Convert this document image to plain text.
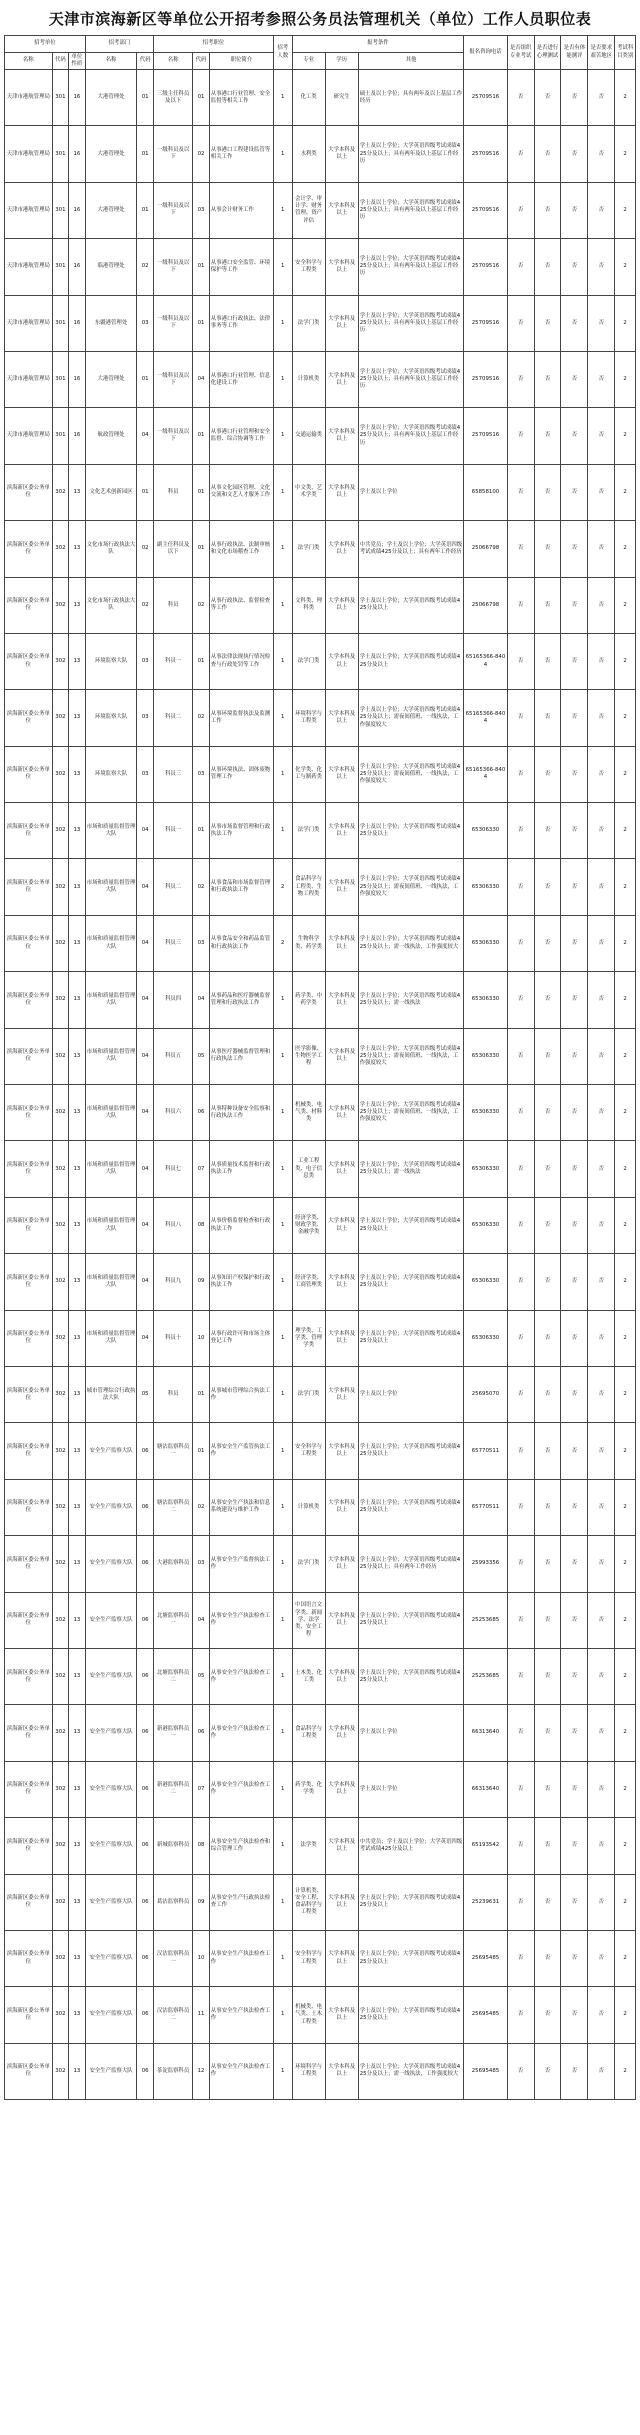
天津市滨海新区等单位公开招考参照公务员法管理机关（单位）工作人员职位表
招考单位			招考部门		招考职位			招考人数	报考条件			报名咨询电话	是否组织专业考试	是否进行心理测试	是否有体能测评	是否要求艰苦地区	考试科目类别
名称	代码	单位性质	名称	代码	名称	代码	职位简介		专业	学历	其他						
天津市港航管理局	301	16	大港管理处	01	三级主任科员及以下	01	从事港口行业管理、安全监督等相关工作	1	化工类	研究生	硕士及以上学位；具有两年及以上基层工作经历	25709516	否	否	否	否	2
天津市港航管理局	301	16	大港管理处	01	一级科员及以下	02	从事港口工程建设监管等相关工作	1	水利类	大学本科及以上	学士及以上学位；大学英语四级考试成绩425分及以上；具有两年及以上基层工作经历	25709516	否	否	否	否	2
天津市港航管理局	301	16	大港管理处	01	一级科员及以下	03	从事会计财务工作	1	会计学、审计学、财务管理、资产评估	大学本科及以上	学士及以上学位；大学英语四级考试成绩425分及以上；具有两年及以上基层工作经历	25709516	否	否	否	否	2
天津市港航管理局	301	16	临港管理处	02	一级科员及以下	01	从事港口安全监管、环境保护等工作	1	安全科学与工程类	大学本科及以上	学士及以上学位；大学英语四级考试成绩425分及以上；具有两年及以上基层工作经历	25709516	否	否	否	否	2
天津市港航管理局	301	16	东疆港管理处	03	一级科员及以下	01	从事港口行政执法、法律事务等工作	1	法学门类	大学本科及以上	学士及以上学位；大学英语四级考试成绩425分及以上；具有两年及以上基层工作经历	25709516	否	否	否	否	2
天津市港航管理局	301	16	大港管理处	01	一级科员及以下	04	从事港口行业管理、信息化建设工作	1	计算机类	大学本科及以上	学士及以上学位；大学英语四级考试成绩425分及以上；具有两年及以上基层工作经历	25709516	否	否	否	否	2
天津市港航管理局	301	16	航政管理处	04	一级科员及以下	01	从事港口行业管理和安全监督、综合协调等工作	1	交通运输类	大学本科及以上	学士及以上学位；大学英语四级考试成绩425分及以上；具有两年及以上基层工作经历	25709516	否	否	否	否	2
滨海新区委公务单位	302	13	文化艺术创新园区	01	科员	01	从事文化园区管理、文化交流和文艺人才服务工作	1	中文类、艺术学类	大学本科及以上	学士及以上学位	65858100	否	否	否	否	2
滨海新区委公务单位	302	13	文化市场行政执法大队	02	副主任科员及以下	01	从事行政执法、法制审核和文化市场稽查工作	1	法学门类	大学本科及以上	中共党员；学士及以上学位；大学英语四级考试成绩425分及以上；具有两年工作经历	25066798	否	否	否	否	2
滨海新区委公务单位	302	13	文化市场行政执法大队	02	科员	02	从事行政执法、监督检查等工作	1	文科类、理科类	大学本科及以上	学士及以上学位；大学英语四级考试成绩425分及以上	25066798	否	否	否	否	2
滨海新区委公务单位	302	13	环境监察大队	03	科员一	01	从事法律法规执行情况检查与行政处罚等工作	1	法学门类	大学本科及以上	学士及以上学位；大学英语四级考试成绩425分及以上	65165366-8404	否	否	否	否	2
滨海新区委公务单位	302	13	环境监察大队	03	科员二	02	从事环境监督执法及监测工作	1	环境科学与工程类	大学本科及以上	学士及以上学位；大学英语四级考试成绩425分及以上；需夜间值班、一线执法，工作强度较大	65165366-8404	否	否	否	否	2
滨海新区委公务单位	302	13	环境监察大队	03	科员三	03	从事环境执法、固体废物管理工作	1	化学类、化工与制药类	大学本科及以上	学士及以上学位；大学英语四级考试成绩425分及以上；需夜间值班、一线执法，工作强度较大	65165366-8404	否	否	否	否	2
滨海新区委公务单位	302	13	市场和质量监督管理大队	04	科员一	01	从事市场监督管理和行政执法工作	1	法学门类	大学本科及以上	学士及以上学位；大学英语四级考试成绩425分及以上	65306330	否	否	否	否	2
滨海新区委公务单位	302	13	市场和质量监督管理大队	04	科员二	02	从事食品和市场监督管理和行政执法工作	2	食品科学与工程类、生物工程类	大学本科及以上	学士及以上学位；大学英语四级考试成绩425分及以上；需夜间值班、一线执法，工作强度较大	65306330	否	否	否	否	2
滨海新区委公务单位	302	13	市场和质量监督管理大队	04	科员三	03	从事食品安全和药品监管和行政执法工作	2	生物科学类、药学类	大学本科及以上	学士及以上学位；大学英语四级考试成绩425分及以上；需一线执法，工作强度较大	65306330	否	否	否	否	2
滨海新区委公务单位	302	13	市场和质量监督管理大队	04	科员四	04	从事药品和医疗器械监督管理和行政执法工作	1	药学类、中药学类	大学本科及以上	学士及以上学位；大学英语四级考试成绩425分及以上；需一线执法	65306330	否	否	否	否	2
滨海新区委公务单位	302	13	市场和质量监督管理大队	04	科员五	05	从事医疗器械监督管理和行政执法工作	1	医学影像、生物医学工程	大学本科及以上	学士及以上学位；大学英语四级考试成绩425分及以上；需夜间值班、一线执法，工作强度较大	65306330	否	否	否	否	2
滨海新区委公务单位	302	13	市场和质量监督管理大队	04	科员六	06	从事特种设备安全监察和行政执法工作	1	机械类、电气类、材料类	大学本科及以上	学士及以上学位；大学英语四级考试成绩425分及以上；需夜间值班、一线执法，工作强度较大	65306330	否	否	否	否	2
滨海新区委公务单位	302	13	市场和质量监督管理大队	04	科员七	07	从事质量技术监督和行政执法工作	1	工业工程类、电子信息类	大学本科及以上	学士及以上学位；大学英语四级考试成绩425分及以上；需一线执法	65306330	否	否	否	否	2
滨海新区委公务单位	302	13	市场和质量监督管理大队	04	科员八	08	从事价格监督检查和行政执法工作	1	经济学类、财政学类、金融学类	大学本科及以上	学士及以上学位；大学英语四级考试成绩425分及以上	65306330	否	否	否	否	2
滨海新区委公务单位	302	13	市场和质量监督管理大队	04	科员九	09	从事知识产权保护和行政执法工作	1	经济学类、工商管理类	大学本科及以上	学士及以上学位；大学英语四级考试成绩425分及以上	65306330	否	否	否	否	2
滨海新区委公务单位	302	13	市场和质量监督管理大队	04	科员十	10	从事行政许可和市场主体登记工作	1	理学类、工学类、管理学类	大学本科及以上	学士及以上学位；大学英语四级考试成绩425分及以上	65306330	否	否	否	否	2
滨海新区委公务单位	302	13	城市管理综合行政执法大队	05	科员	01	从事城市管理综合执法工作	1	法学门类	大学本科及以上	学士及以上学位	25695070	否	否	否	否	2
滨海新区委公务单位	302	13	安全生产监察大队	06	塘沽监察科员一	01	从事安全生产监管执法工作	1	安全科学与工程类	大学本科及以上	学士及以上学位；大学英语四级考试成绩425分及以上	65770511	否	否	否	否	2
滨海新区委公务单位	302	13	安全生产监察大队	06	塘沽监察科员二	02	从事安全生产执法和信息系统建设与维护工作	1	计算机类	大学本科及以上	学士及以上学位；大学英语四级考试成绩425分及以上	65770511	否	否	否	否	2
滨海新区委公务单位	302	13	安全生产监察大队	06	大港监察科员	03	从事安全生产监督执法工作	1	法学门类	大学本科及以上	学士及以上学位；大学英语四级考试成绩425分及以上；具有两年工作经历	25993356	否	否	否	否	2
滨海新区委公务单位	302	13	安全生产监察大队	06	北塘监察科员一	04	从事安全生产执法检查工作	1	中国语言文学类、新闻学、法学类、安全工程	大学本科及以上	学士及以上学位；大学英语四级考试成绩425分及以上	25253685	否	否	否	否	2
滨海新区委公务单位	302	13	安全生产监察大队	06	北塘监察科员二	05	从事安全生产执法检查工作	1	土木类、化工类	大学本科及以上	学士及以上学位；大学英语四级考试成绩425分及以上	25253685	否	否	否	否	2
滨海新区委公务单位	302	13	安全生产监察大队	06	新港监察科员一	06	从事安全生产执法检查工作	1	食品科学与工程类	大学本科及以上	学士及以上学位	66313640	否	否	否	否	2
滨海新区委公务单位	302	13	安全生产监察大队	06	新港监察科员二	07	从事安全生产执法检查工作	1	药学类、化学类	大学本科及以上	学士及以上学位	66313640	否	否	否	否	2
滨海新区委公务单位	302	13	安全生产监察大队	06	新城监察科员	08	从事安全生产执法检查和综合管理工作	1	法学类	大学本科及以上	中共党员；学士及以上学位；大学英语四级考试成绩425分及以上	65193542	否	否	否	否	2
滨海新区委公务单位	302	13	安全生产监察大队	06	葛沽监察科员	09	从事安全生产行政执法检查工作	1	计算机类、安全工程、食品科学与工程类	大学本科及以上	学士及以上学位；大学英语四级考试成绩425分及以上	25239631	否	否	否	否	2
滨海新区委公务单位	302	13	安全生产监察大队	06	汉沽监察科员一	10	从事安全生产执法检查工作	1	安全科学与工程类	大学本科及以上	学士及以上学位；大学英语四级考试成绩425分及以上	25695485	否	否	否	否	2
滨海新区委公务单位	302	13	安全生产监察大队	06	汉沽监察科员二	11	从事安全生产执法检查工作	1	机械类、电气类、土木工程类	大学本科及以上	学士及以上学位；大学英语四级考试成绩425分及以上	25695485	否	否	否	否	2
滨海新区委公务单位	302	13	安全生产监察大队	06	茶淀监察科员	12	从事安全生产执法检查工作	1	环境科学与工程类	大学本科及以上	学士及以上学位；大学英语四级考试成绩425分及以上；需一线执法，工作强度较大	25695485	否	否	否	否	2
